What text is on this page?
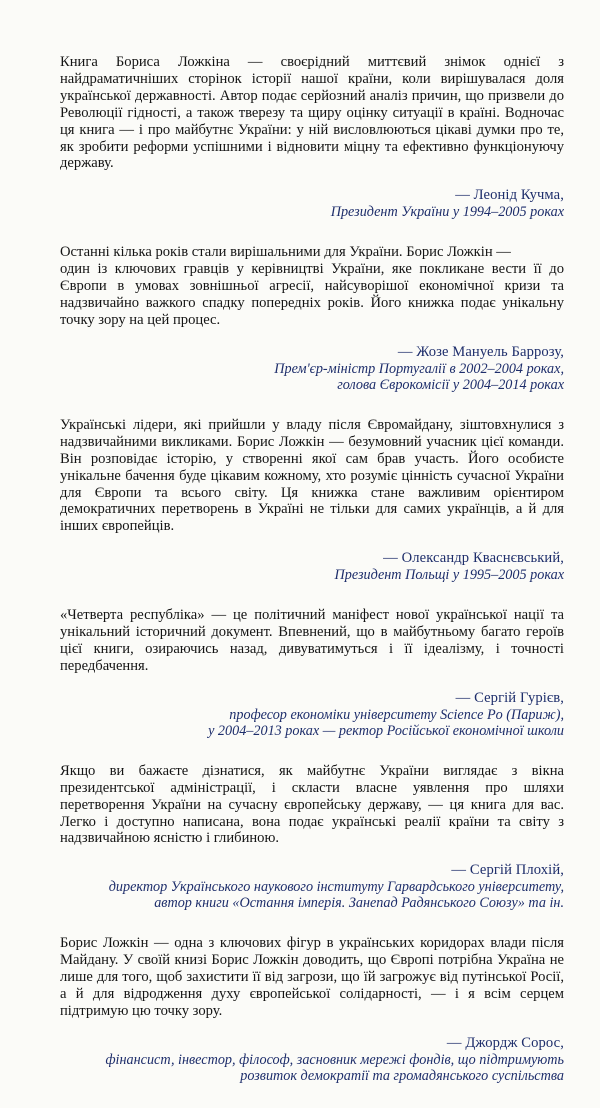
Книга Бориса Ложкіна — своєрідний миттєвий знімок однієї з найдраматичніших сторінок історії нашої країни, коли вирішувалася доля української державності. Автор подає серйозний аналіз причин, що призвели до Революції гідності, а також тверезу та щиру оцінку ситуації в країні. Водночас ця книга — і про майбутнє України: у ній висловлюються цікаві думки про те, як зробити реформи успішними і відновити міцну та ефективно функціонуючу державу.

— Леонід Кучма,

Президент України у 1994–2005 роках

Останні кілька років стали вирішальними для України. Борис Ложкін —
один із ключових гравців у керівництві України, яке покликане вести її до Європи в умовах зовнішньої агресії, найсуворішої економічної кризи та надзвичайно важкого спадку попередніх років. Його книжка подає унікальну точку зору на цей процес.

— Жозе Мануель Баррозу,

Прем'єр-міністр Португалії в 2002–2004 роках,
голова Єврокомісії у 2004–2014 роках

Українські лідери, які прийшли у владу після Євромайдану, зіштовхнулися з надзвичайними викликами. Борис Ложкін — безумовний учасник цієї команди. Він розповідає історію, у створенні якої сам брав участь. Його особисте унікальне бачення буде цікавим кожному, хто розуміє цінність сучасної України для Європи та всього світу. Ця книжка стане важливим орієнтиром демократичних перетворень в Україні не тільки для самих українців, а й для інших європейців.

— Олександр Кваснєвський,

Президент Польщі у 1995–2005 роках

«Четверта республіка» — це політичний маніфест нової української нації та унікальний історичний документ. Впевнений, що в майбутньому багато героїв цієї книги, озираючись назад, дивуватимуться і її ідеалізму, і точності передбачення.

— Сергій Гурієв,

професор економіки університету Science Po (Париж),
у 2004–2013 роках — ректор Російської економічної школи

Якщо ви бажаєте дізнатися, як майбутнє України виглядає з вікна президентської адміністрації, і скласти власне уявлення про шляхи перетворення України на сучасну європейську державу, — ця книга для вас. Легко і доступно написана, вона подає українські реалії країни та світу з надзвичайною ясністю і глибиною.

— Сергій Плохій,

директор Українського наукового інституту Гарвардського університету,
автор книги «Остання імперія. Занепад Радянського Союзу» та ін.

Борис Ложкін — одна з ключових фігур в українських коридорах влади після Майдану. У своїй книзі Борис Ложкін доводить, що Європі потрібна Україна не лише для того, щоб захистити її від загрози, що їй загрожує від путінської Росії, а й для відродження духу європейської солідарності, — і я всім серцем підтримую цю точку зору.

— Джордж Сорос,

фінансист, інвестор, філософ, засновник мережі фондів, що підтримують
розвиток демократії та громадянського суспільства
